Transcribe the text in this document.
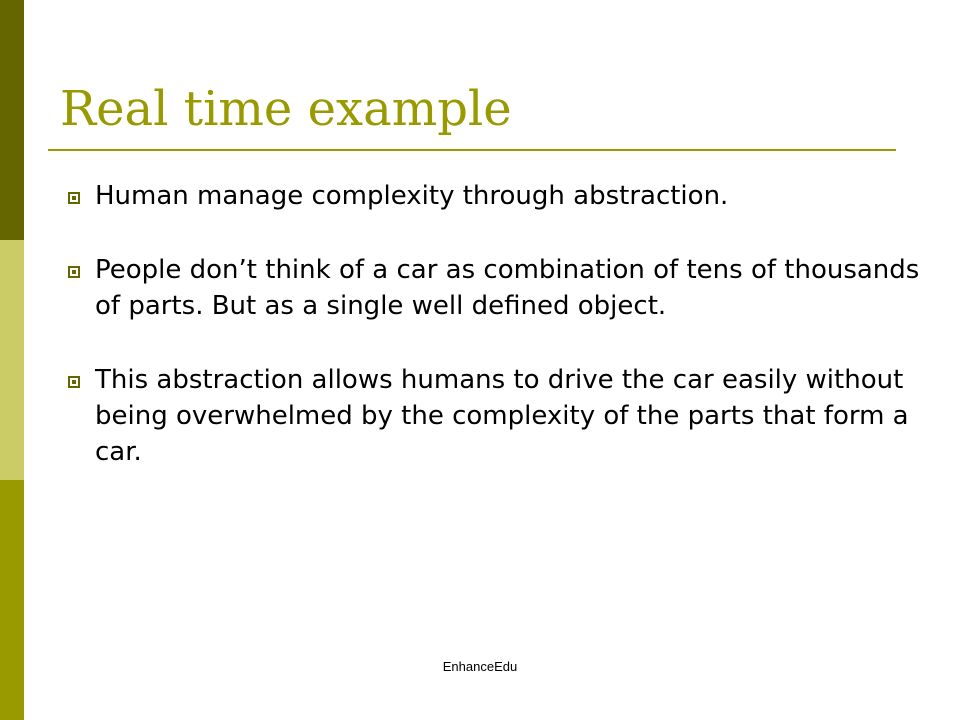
Real time example
Human manage complexity through abstraction.
People don’t think of a car as combination of tens of thousands of parts. But as a single well defined object.
This abstraction allows humans to drive the car easily without being overwhelmed by the complexity of the parts that form a car.
EnhanceEdu
